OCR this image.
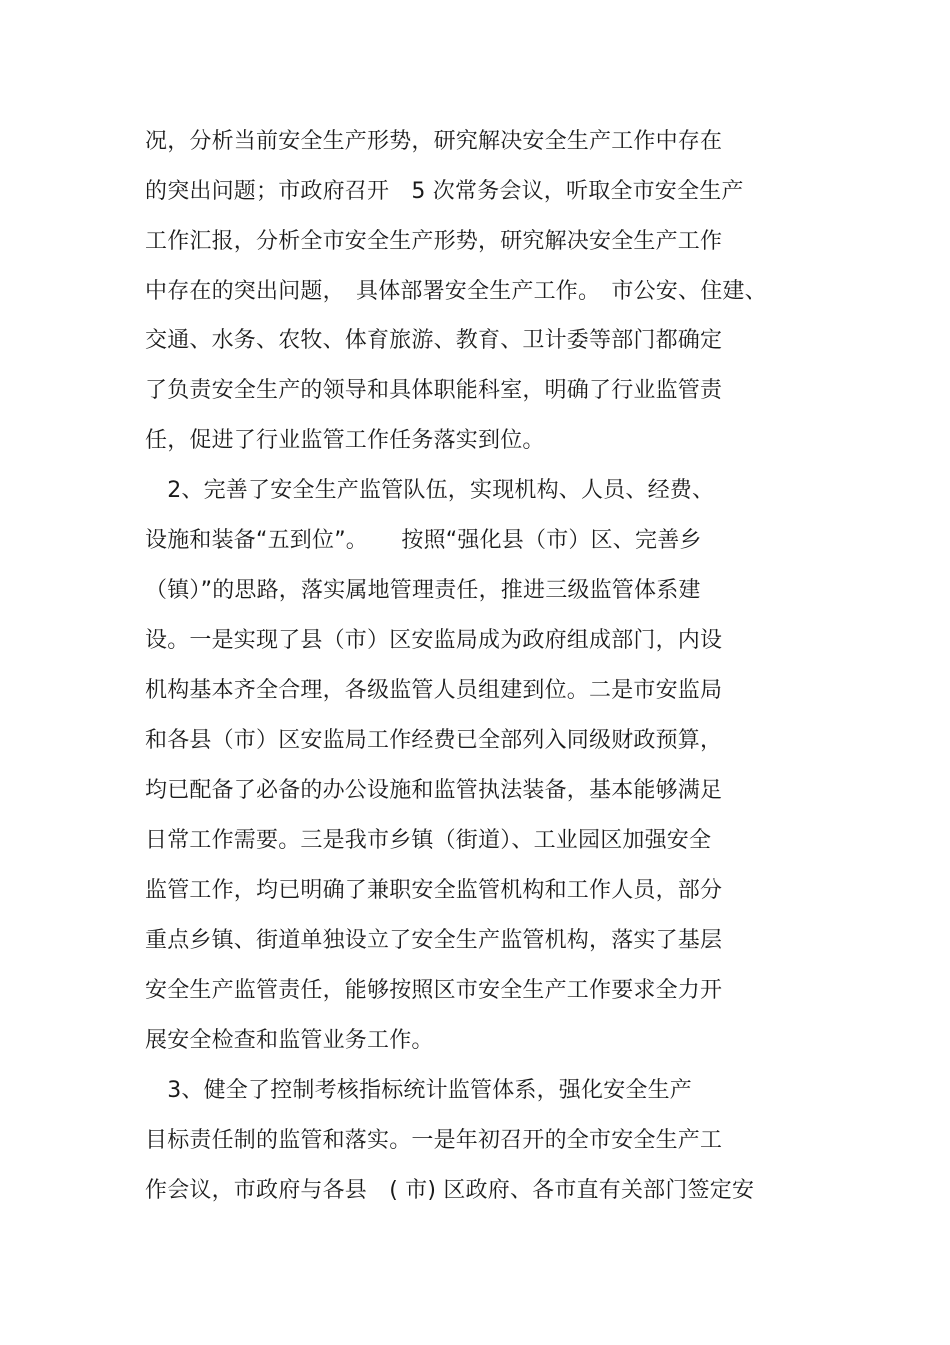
况，分析当前安全生产形势，研究解决安全生产工作中存在
的突出问题；市政府召开　5 次常务会议，听取全市安全生产
工作汇报，分析全市安全生产形势，研究解决安全生产工作
中存在的突出问题，　具体部署安全生产工作。　市公安、住建、
交通、水务、农牧、体育旅游、教育、卫计委等部门都确定
了负责安全生产的领导和具体职能科室，明确了行业监管责
任，促进了行业监管工作任务落实到位。
　2、完善了安全生产监管队伍，实现机构、人员、经费、
设施和装备“五到位”。　　按照“强化县（市）区、完善乡
（镇）”的思路，落实属地管理责任，推进三级监管体系建
设。一是实现了县（市）区安监局成为政府组成部门，内设
机构基本齐全合理，各级监管人员组建到位。二是市安监局
和各县（市）区安监局工作经费已全部列入同级财政预算，
均已配备了必备的办公设施和监管执法装备，基本能够满足
日常工作需要。三是我市乡镇（街道）、工业园区加强安全
监管工作，均已明确了兼职安全监管机构和工作人员，部分
重点乡镇、街道单独设立了安全生产监管机构，落实了基层
安全生产监管责任，能够按照区市安全生产工作要求全力开
展安全检查和监管业务工作。
　3、健全了控制考核指标统计监管体系，强化安全生产
目标责任制的监管和落实。一是年初召开的全市安全生产工
作会议，市政府与各县　( 市) 区政府、各市直有关部门签定安
